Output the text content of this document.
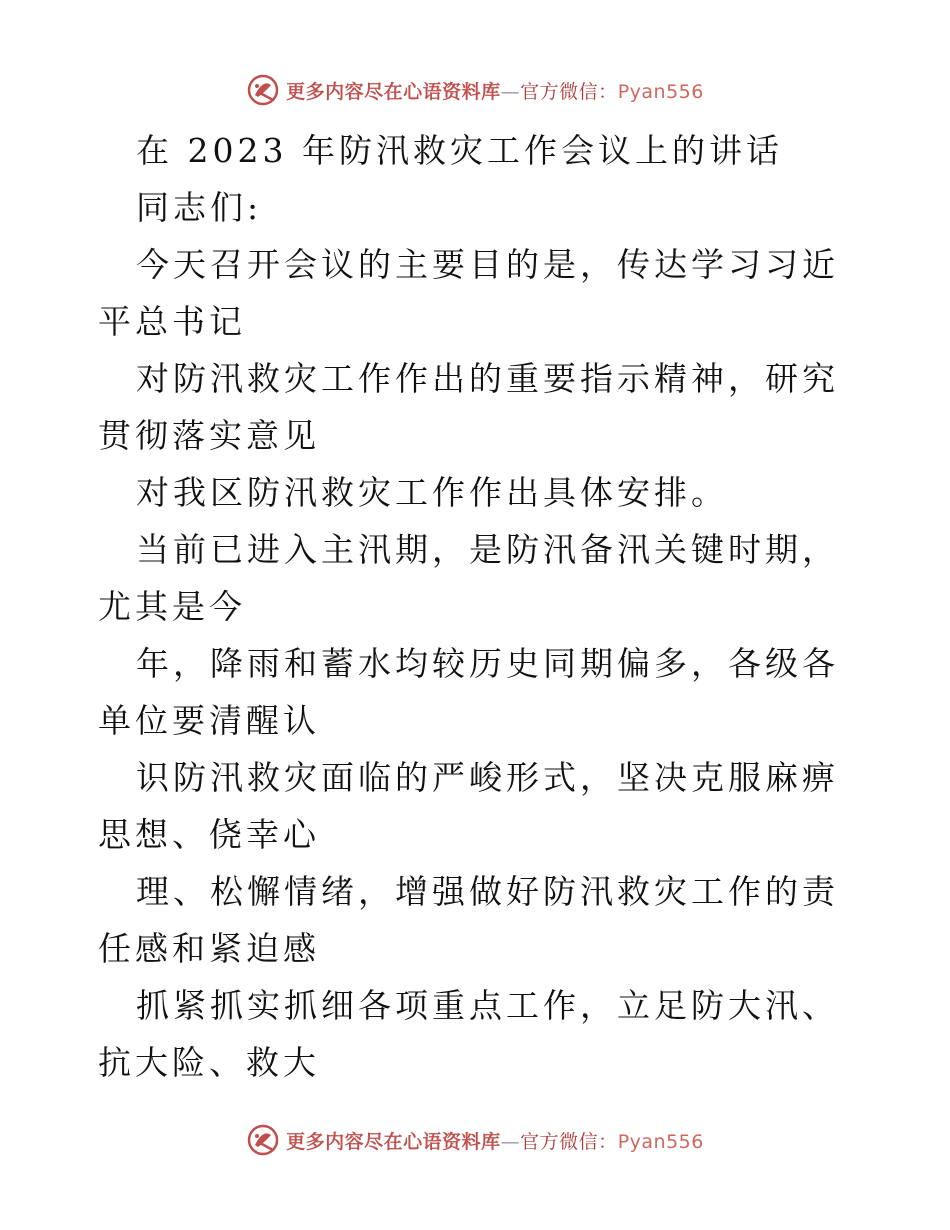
更多内容尽在心语资料库—官方微信：Pyan556

在 2023 年防汛救灾工作会议上的讲话

同志们:

今天召开会议的主要目的是，传达学习习近平总书记

对防汛救灾工作作出的重要指示精神，研究贯彻落实意见

对我区防汛救灾工作作出具体安排。

当前已进入主汛期，是防汛备汛关键时期，尤其是今

年，降雨和蓄水均较历史同期偏多，各级各单位要清醒认

识防汛救灾面临的严峻形式，坚决克服麻痹思想、侥幸心

理、松懈情绪，增强做好防汛救灾工作的责任感和紧迫感

抓紧抓实抓细各项重点工作，立足防大汛、抗大险、救大

更多内容尽在心语资料库—官方微信：Pyan556
